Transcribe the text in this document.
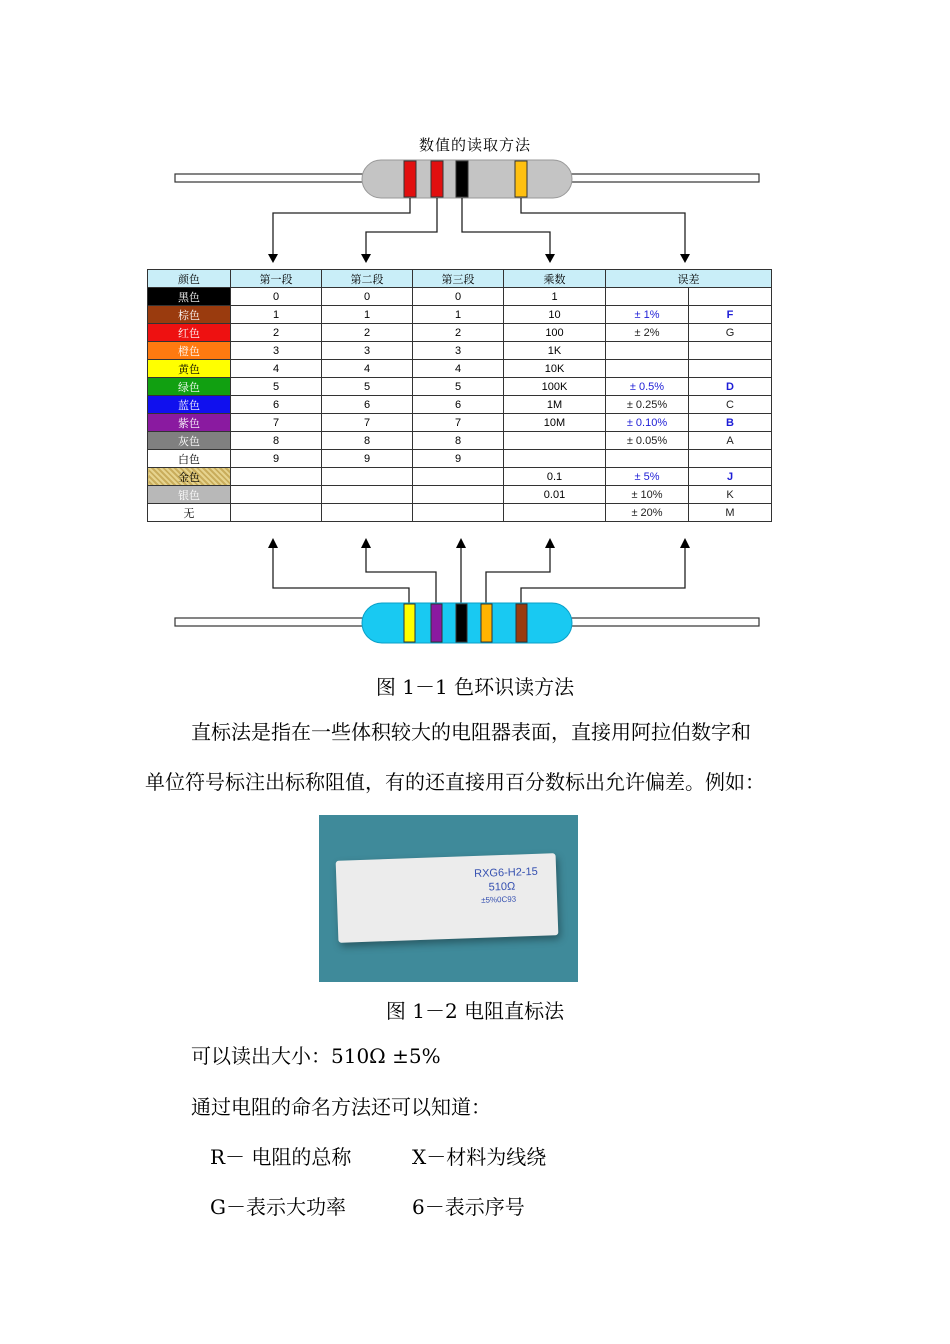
数值的读取方法
颜色	第一段	第二段	第三段	乘数	误差	
黑色	0	0	0	1		
棕色	1	1	1	10	± 1%	F
红色	2	2	2	100	± 2%	G
橙色	3	3	3	1K		
黄色	4	4	4	10K		
绿色	5	5	5	100K	± 0.5%	D
蓝色	6	6	6	1M	± 0.25%	C
紫色	7	7	7	10M	± 0.10%	B
灰色	8	8	8		± 0.05%	A
白色	9	9	9			
金色				0.1	± 5%	J
银色				0.01	± 10%	K
无					± 20%	M
图 1－1 色环识读方法
直标法是指在一些体积较大的电阻器表面，直接用阿拉伯数字和
单位符号标注出标称阻值，有的还直接用百分数标出允许偏差。例如：
RXG6-H2-15
510Ω
±5%0C93
图 1－2 电阻直标法
可以读出大小：510Ω ±5%
通过电阻的命名方法还可以知道：
R－ 电阻的总称	X－材料为线绕
G－表示大功率	6－表示序号
